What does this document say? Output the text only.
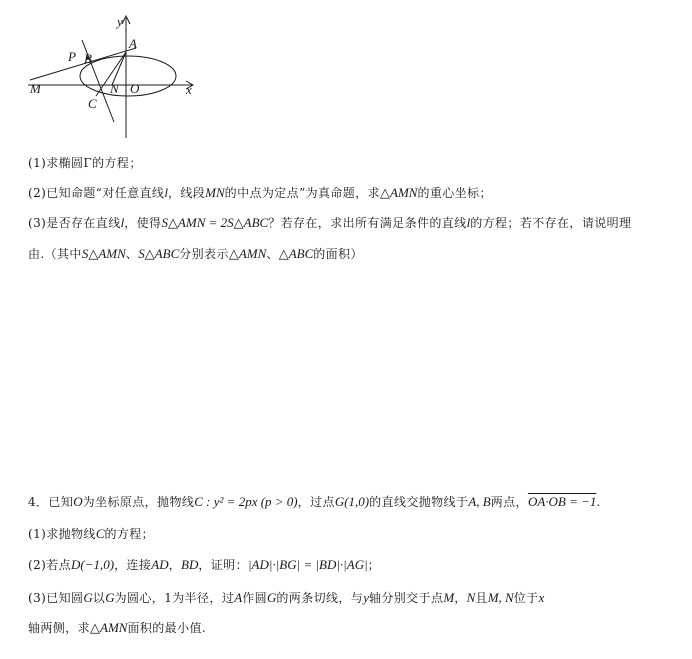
y
A
P B
M	N O	x
C
(1)求椭圆Γ的方程；
(2)已知命题“对任意直线l，线段MN的中点为定点”为真命题，求△AMN的重心坐标；
(3)是否存在直线l，使得S△AMN = 2S△ABC？若存在，求出所有满足条件的直线l的方程；若不存在，请说明理
由.（其中S△AMN、S△ABC分别表示△AMN、△ABC的面积）
4．已知O为坐标原点，抛物线C : y² = 2px (p > 0)，过点G(1,0)的直线交抛物线于A, B两点，OA·OB = −1.
(1)求抛物线C的方程；
(2)若点D(−1,0)，连接AD，BD，证明：|AD|·|BG| = |BD|·|AG|；
(3)已知圆G以G为圆心，1为半径，过A作圆G的两条切线，与y轴分别交于点M，N且M, N位于x
轴两侧，求△AMN面积的最小值.
